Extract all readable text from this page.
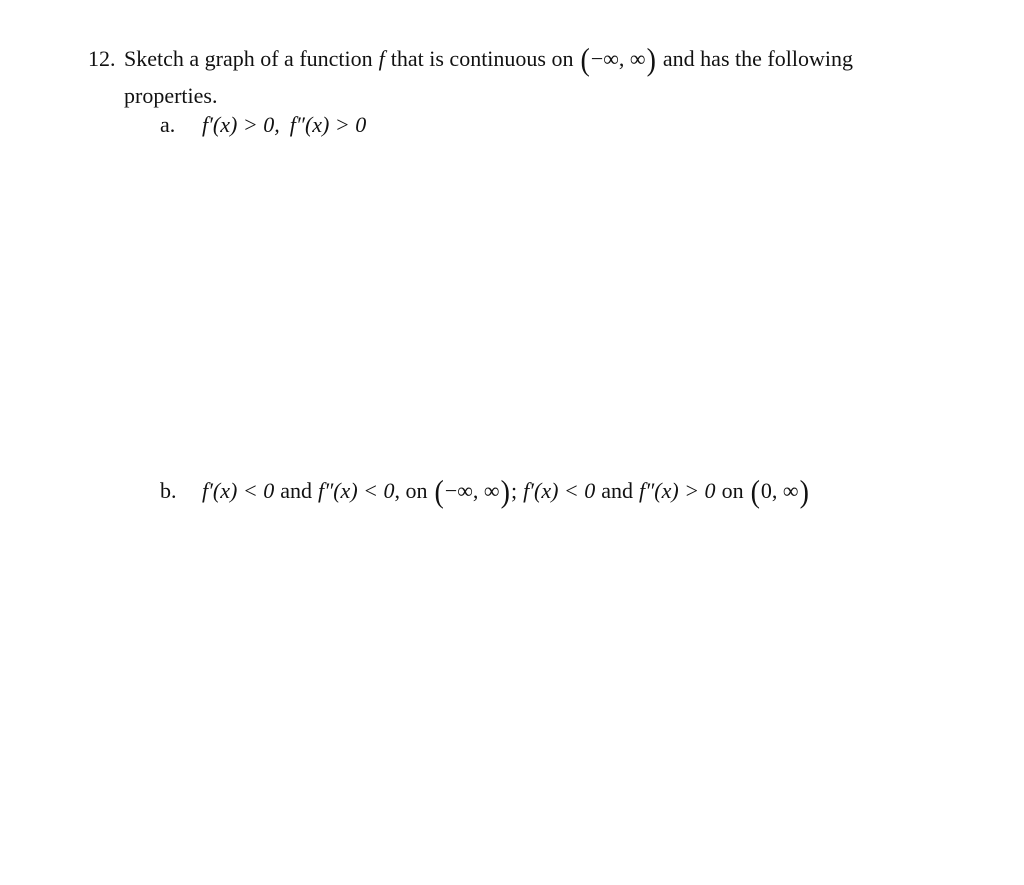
12. Sketch a graph of a function f that is continuous on (−∞, ∞) and has the following
properties.
a. f′(x) > 0, f″(x) > 0
b. f′(x) < 0 and f″(x) < 0, on (−∞, ∞); f′(x) < 0 and f″(x) > 0 on (0, ∞)
